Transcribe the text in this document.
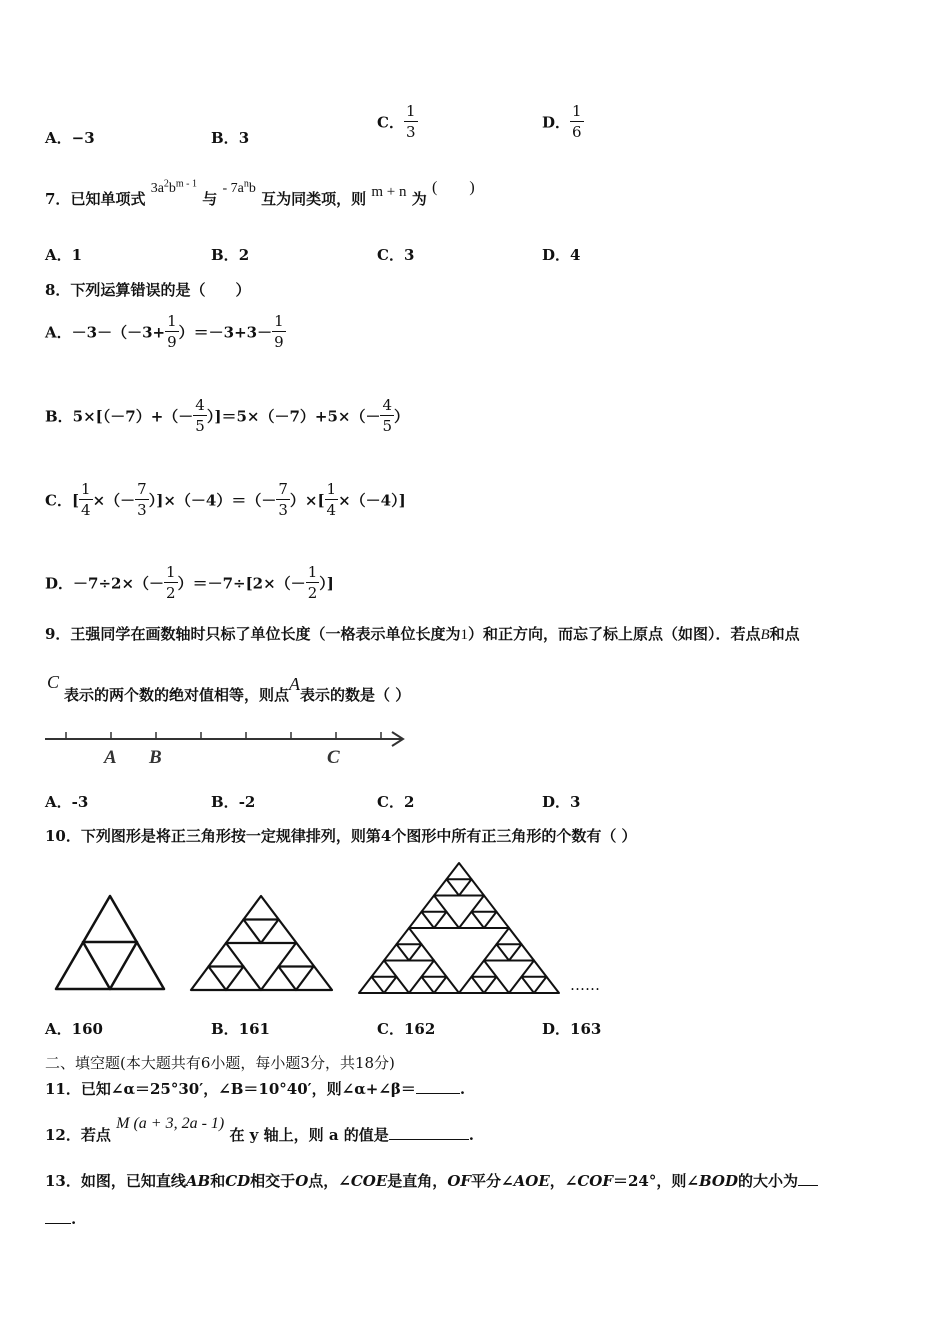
A．−3	B．3
C． $\frac{1}{3}$	D． $\frac{1}{6}$
7．已知单项式 $3a^2b^{m - 1}$ 与 - $7a^nb$ 互为同类项，则 m + n 为 (　　)
A．1	B．2	C．3	D．4
8．下列运算错误的是（　　）
A．$-3-(-3+ \frac{1}{9} )=-3+3- \frac{1}{9}$
B．$5\times[(-7)+(- \frac{4}{5} )]=5\times(-7)+5\times(- \frac{4}{5}$ ）
C．[ $\frac{1}{4}$ ×（－ $\frac{7}{3} )]\times(-4)=(- \frac{7}{3}$ ）×[ $\frac{1}{4} \times(-4)$]
D．$-7\div 2\times(- \frac{1}{2} )=-7\div[2\times(- \frac{1}{2}$ ）]
9．王强同学在画数轴时只标了单位长度（一格表示单位长度为1）和正方向，而忘了标上原点（如图）．若点B和点
C
表示的两个数的绝对值相等，则点A表示的数是（ ）
A B	C
A．-3	B．-2	C．2	D．3
10．下列图形是将正三角形按一定规律排列，则第4个图形中所有正三角形的个数有（ ）
……
A．160	B．161	C．162	D．163
二、填空题(本大题共有6小题，每小题3分，共18分)
11．已知∠α＝25°30′，∠B＝10°40′，则∠α+∠β＝	.
12．若点 M (a + 3, 2a - 1) 在 y 轴上，则 a 的值是	.
13．如图，已知直线AB和CD相交于O点，∠COE是直角，OF平分∠AOE，∠COF＝24°，则∠BOD的大小为
.
